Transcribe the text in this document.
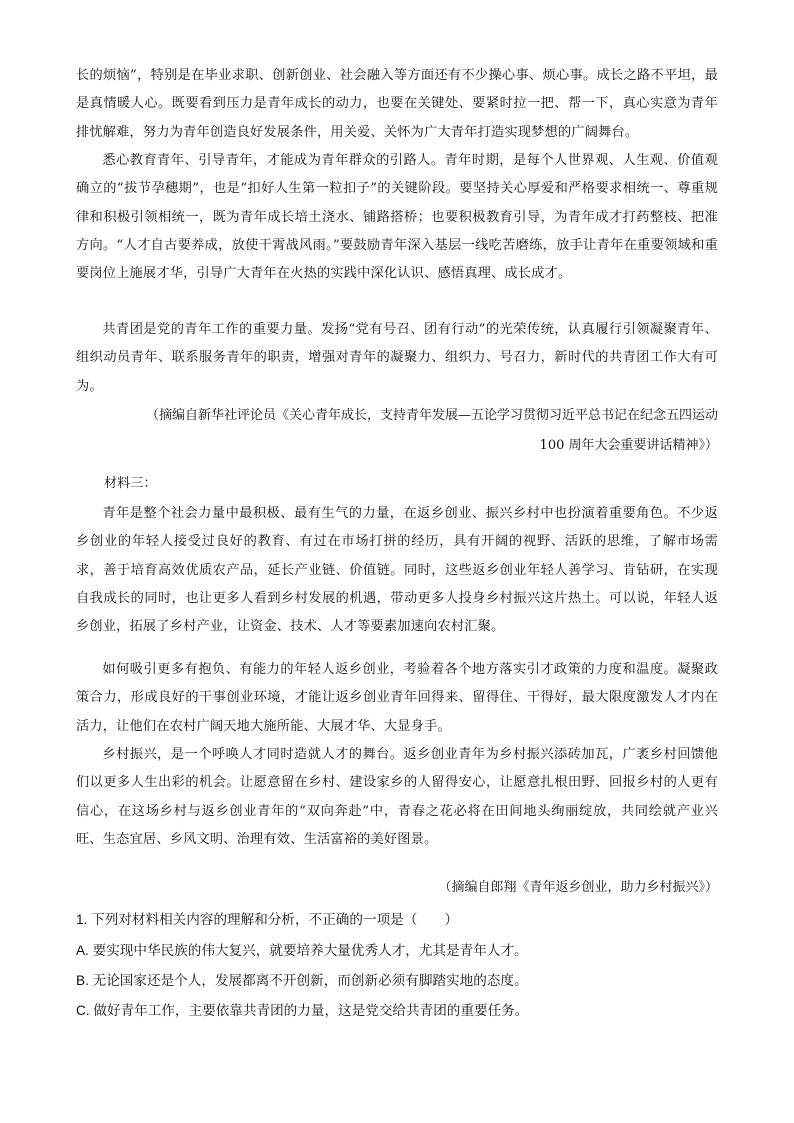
长的烦恼”，特别是在毕业求职、创新创业、社会融入等方面还有不少操心事、烦心事。成长之路不平坦，最是真情暖人心。既要看到压力是青年成长的动力，也要在关键处、要紧时拉一把、帮一下，真心实意为青年排忧解难，努力为青年创造良好发展条件，用关爱、关怀为广大青年打造实现梦想的广阔舞台。
悉心教育青年、引导青年，才能成为青年群众的引路人。青年时期，是每个人世界观、人生观、价值观确立的“拔节孕穗期”，也是“扣好人生第一粒扣子”的关键阶段。要坚持关心厚爱和严格要求相统一、尊重规律和积极引领相统一，既为青年成长培土浇水、铺路搭桥；也要积极教育引导，为青年成才打药整枝、把准方向。“人才自古要养成，放使干霄战风雨。”要鼓励青年深入基层一线吃苦磨练，放手让青年在重要领域和重要岗位上施展才华，引导广大青年在火热的实践中深化认识、感悟真理、成长成才。
共青团是党的青年工作的重要力量。发扬“党有号召、团有行动”的光荣传统，认真履行引领凝聚青年、组织动员青年、联系服务青年的职责，增强对青年的凝聚力、组织力、号召力，新时代的共青团工作大有可为。
（摘编自新华社评论员《关心青年成长，支持青年发展—五论学习贯彻习近平总书记在纪念五四运动
100 周年大会重要讲话精神》）
材料三：
青年是整个社会力量中最积极、最有生气的力量，在返乡创业、振兴乡村中也扮演着重要角色。不少返乡创业的年轻人接受过良好的教育、有过在市场打拼的经历，具有开阔的视野、活跃的思维，了解市场需求，善于培育高效优质农产品，延长产业链、价值链。同时，这些返乡创业年轻人善学习、肯钻研，在实现自我成长的同时，也让更多人看到乡村发展的机遇，带动更多人投身乡村振兴这片热土。可以说，年轻人返乡创业，拓展了乡村产业，让资金、技术、人才等要素加速向农村汇聚。
如何吸引更多有抱负、有能力的年轻人返乡创业，考验着各个地方落实引才政策的力度和温度。凝聚政策合力，形成良好的干事创业环境，才能让返乡创业青年回得来、留得住、干得好，最大限度激发人才内在活力，让他们在农村广阔天地大施所能、大展才华、大显身手。
乡村振兴，是一个呼唤人才同时造就人才的舞台。返乡创业青年为乡村振兴添砖加瓦，广袤乡村回馈他们以更多人生出彩的机会。让愿意留在乡村、建设家乡的人留得安心，让愿意扎根田野、回报乡村的人更有信心，在这场乡村与返乡创业青年的“双向奔赴”中，青春之花必将在田间地头绚丽绽放，共同绘就产业兴旺、生态宜居、乡风文明、治理有效、生活富裕的美好图景。
（摘编自郎翔《青年返乡创业，助力乡村振兴》）
1. 下列对材料相关内容的理解和分析，不正确的一项是（　　）
A. 要实现中华民族的伟大复兴，就要培养大量优秀人才，尤其是青年人才。
B. 无论国家还是个人，发展都离不开创新，而创新必须有脚踏实地的态度。
C. 做好青年工作，主要依靠共青团的力量，这是党交给共青团的重要任务。
